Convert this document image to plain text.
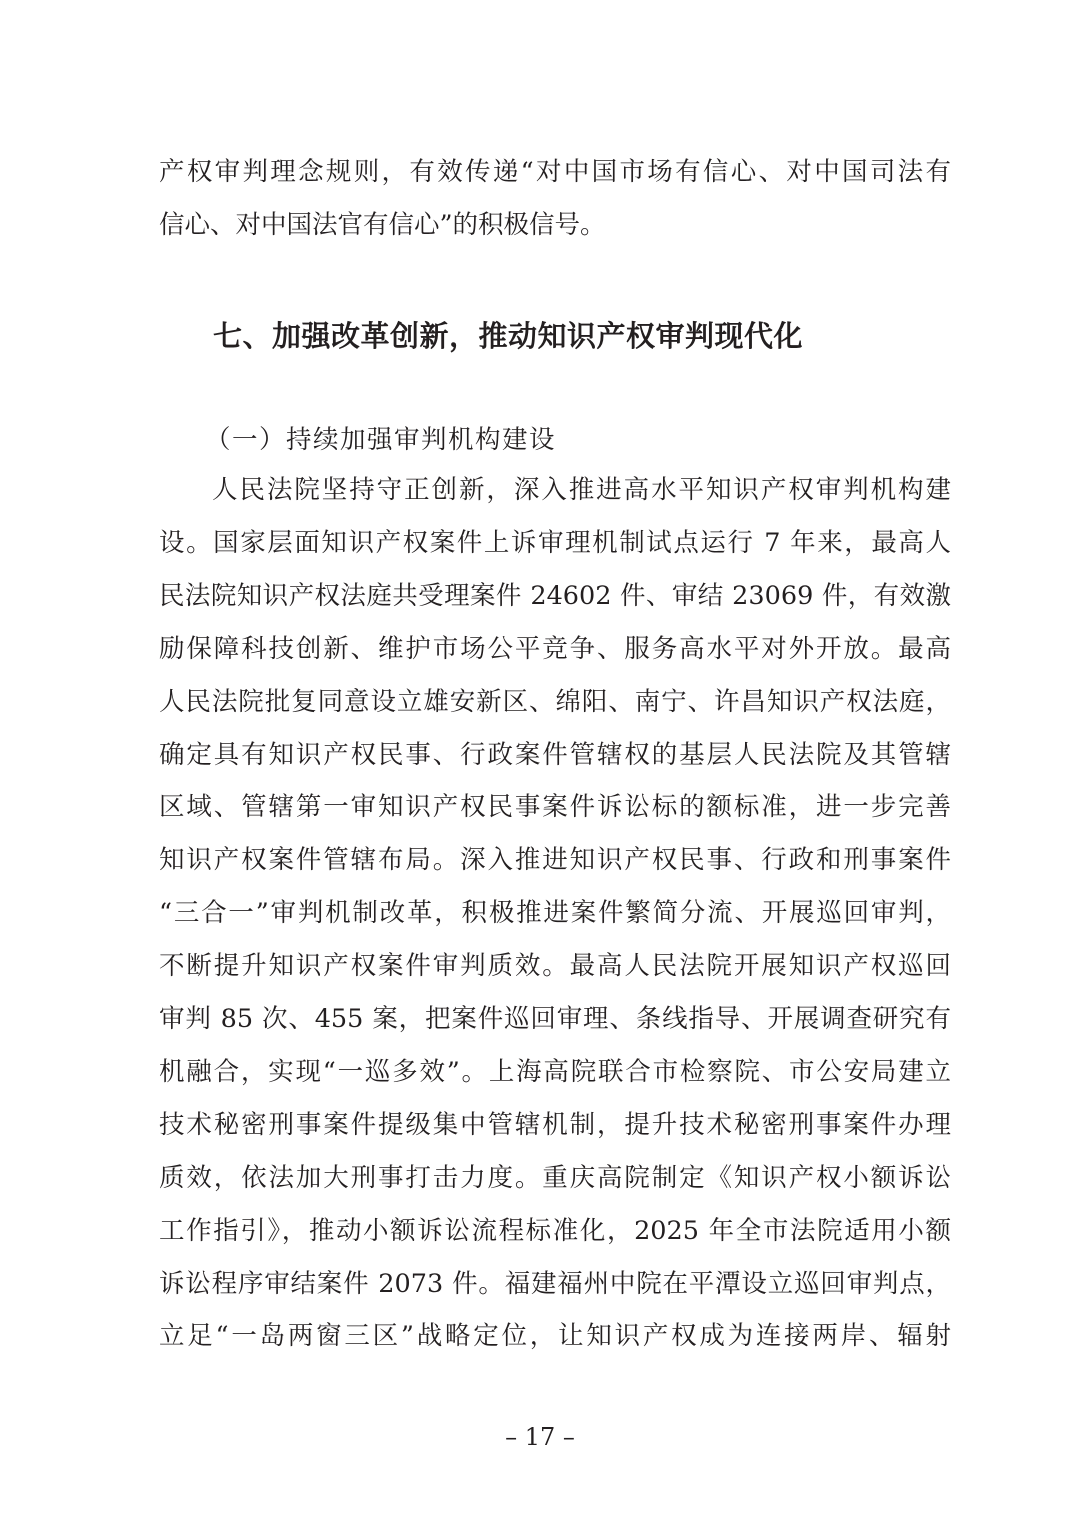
产权审判理念规则，有效传递“对中国市场有信心、对中国司法有
信心、对中国法官有信心”的积极信号。
七、加强改革创新，推动知识产权审判现代化
（一）持续加强审判机构建设
人民法院坚持守正创新，深入推进高水平知识产权审判机构建
设。国家层面知识产权案件上诉审理机制试点运行 7 年来，最高人
民法院知识产权法庭共受理案件 24602 件、审结 23069 件，有效激
励保障科技创新、维护市场公平竞争、服务高水平对外开放。最高
人民法院批复同意设立雄安新区、绵阳、南宁、许昌知识产权法庭，
确定具有知识产权民事、行政案件管辖权的基层人民法院及其管辖
区域、管辖第一审知识产权民事案件诉讼标的额标准，进一步完善
知识产权案件管辖布局。深入推进知识产权民事、行政和刑事案件
“三合一”审判机制改革，积极推进案件繁简分流、开展巡回审判，
不断提升知识产权案件审判质效。最高人民法院开展知识产权巡回
审判 85 次、455 案，把案件巡回审理、条线指导、开展调查研究有
机融合，实现“一巡多效”。上海高院联合市检察院、市公安局建立
技术秘密刑事案件提级集中管辖机制，提升技术秘密刑事案件办理
质效，依法加大刑事打击力度。重庆高院制定《知识产权小额诉讼
工作指引》，推动小额诉讼流程标准化，2025 年全市法院适用小额
诉讼程序审结案件 2073 件。福建福州中院在平潭设立巡回审判点，
立足“一岛两窗三区”战略定位，让知识产权成为连接两岸、辐射
– 17 –
